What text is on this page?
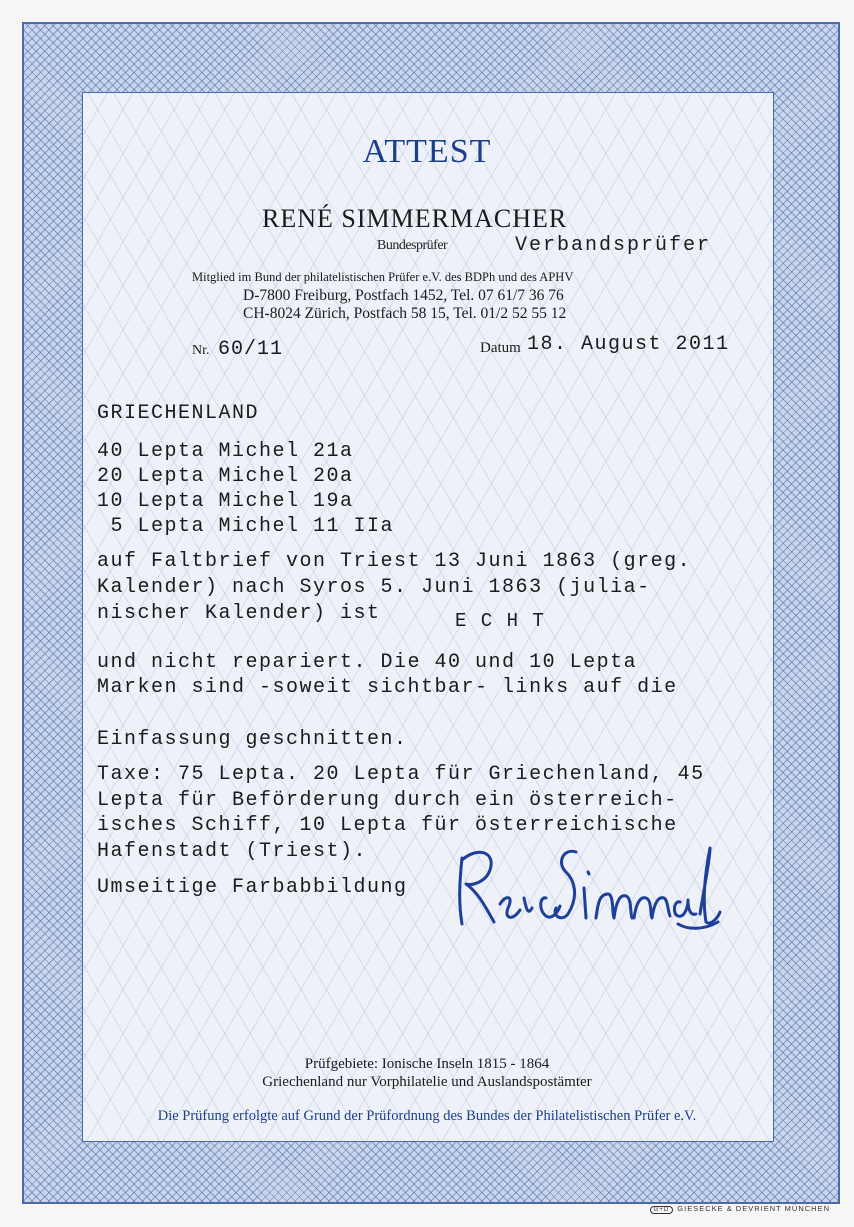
ATTEST
RENÉ SIMMERMACHER
Bundesprüfer	Verbandsprüfer
Mitglied im Bund der philatelistischen Prüfer e.V. des BDPh und des APHV
D-7800 Freiburg, Postfach 1452, Tel. 07 61/7 36 76
CH-8024 Zürich, Postfach 58 15, Tel. 01/2 52 55 12
Nr. 60/11	Datum 18. August 2011
GRIECHENLAND
40 Lepta Michel 21a
20 Lepta Michel 20a
10 Lepta Michel 19a
5 Lepta Michel 11 IIa
auf Faltbrief von Triest 13 Juni 1863 (greg.
Kalender) nach Syros 5. Juni 1863 (julia-
nischer Kalender) ist	E C H T
und nicht repariert. Die 40 und 10 Lepta
Marken sind -soweit sichtbar- links auf die
Einfassung geschnitten.
Taxe: 75 Lepta. 20 Lepta für Griechenland, 45
Lepta für Beförderung durch ein österreich-
isches Schiff, 10 Lepta für österreichische
Hafenstadt (Triest).
Umseitige Farbabbildung
Prüfgebiete: Ionische Inseln 1815 - 1864
Griechenland nur Vorphilatelie und Auslandspostämter
Die Prüfung erfolgte auf Grund der Prüfordnung des Bundes der Philatelistischen Prüfer e.V.
G+D GIESECKE & DEVRIENT MÜNCHEN
